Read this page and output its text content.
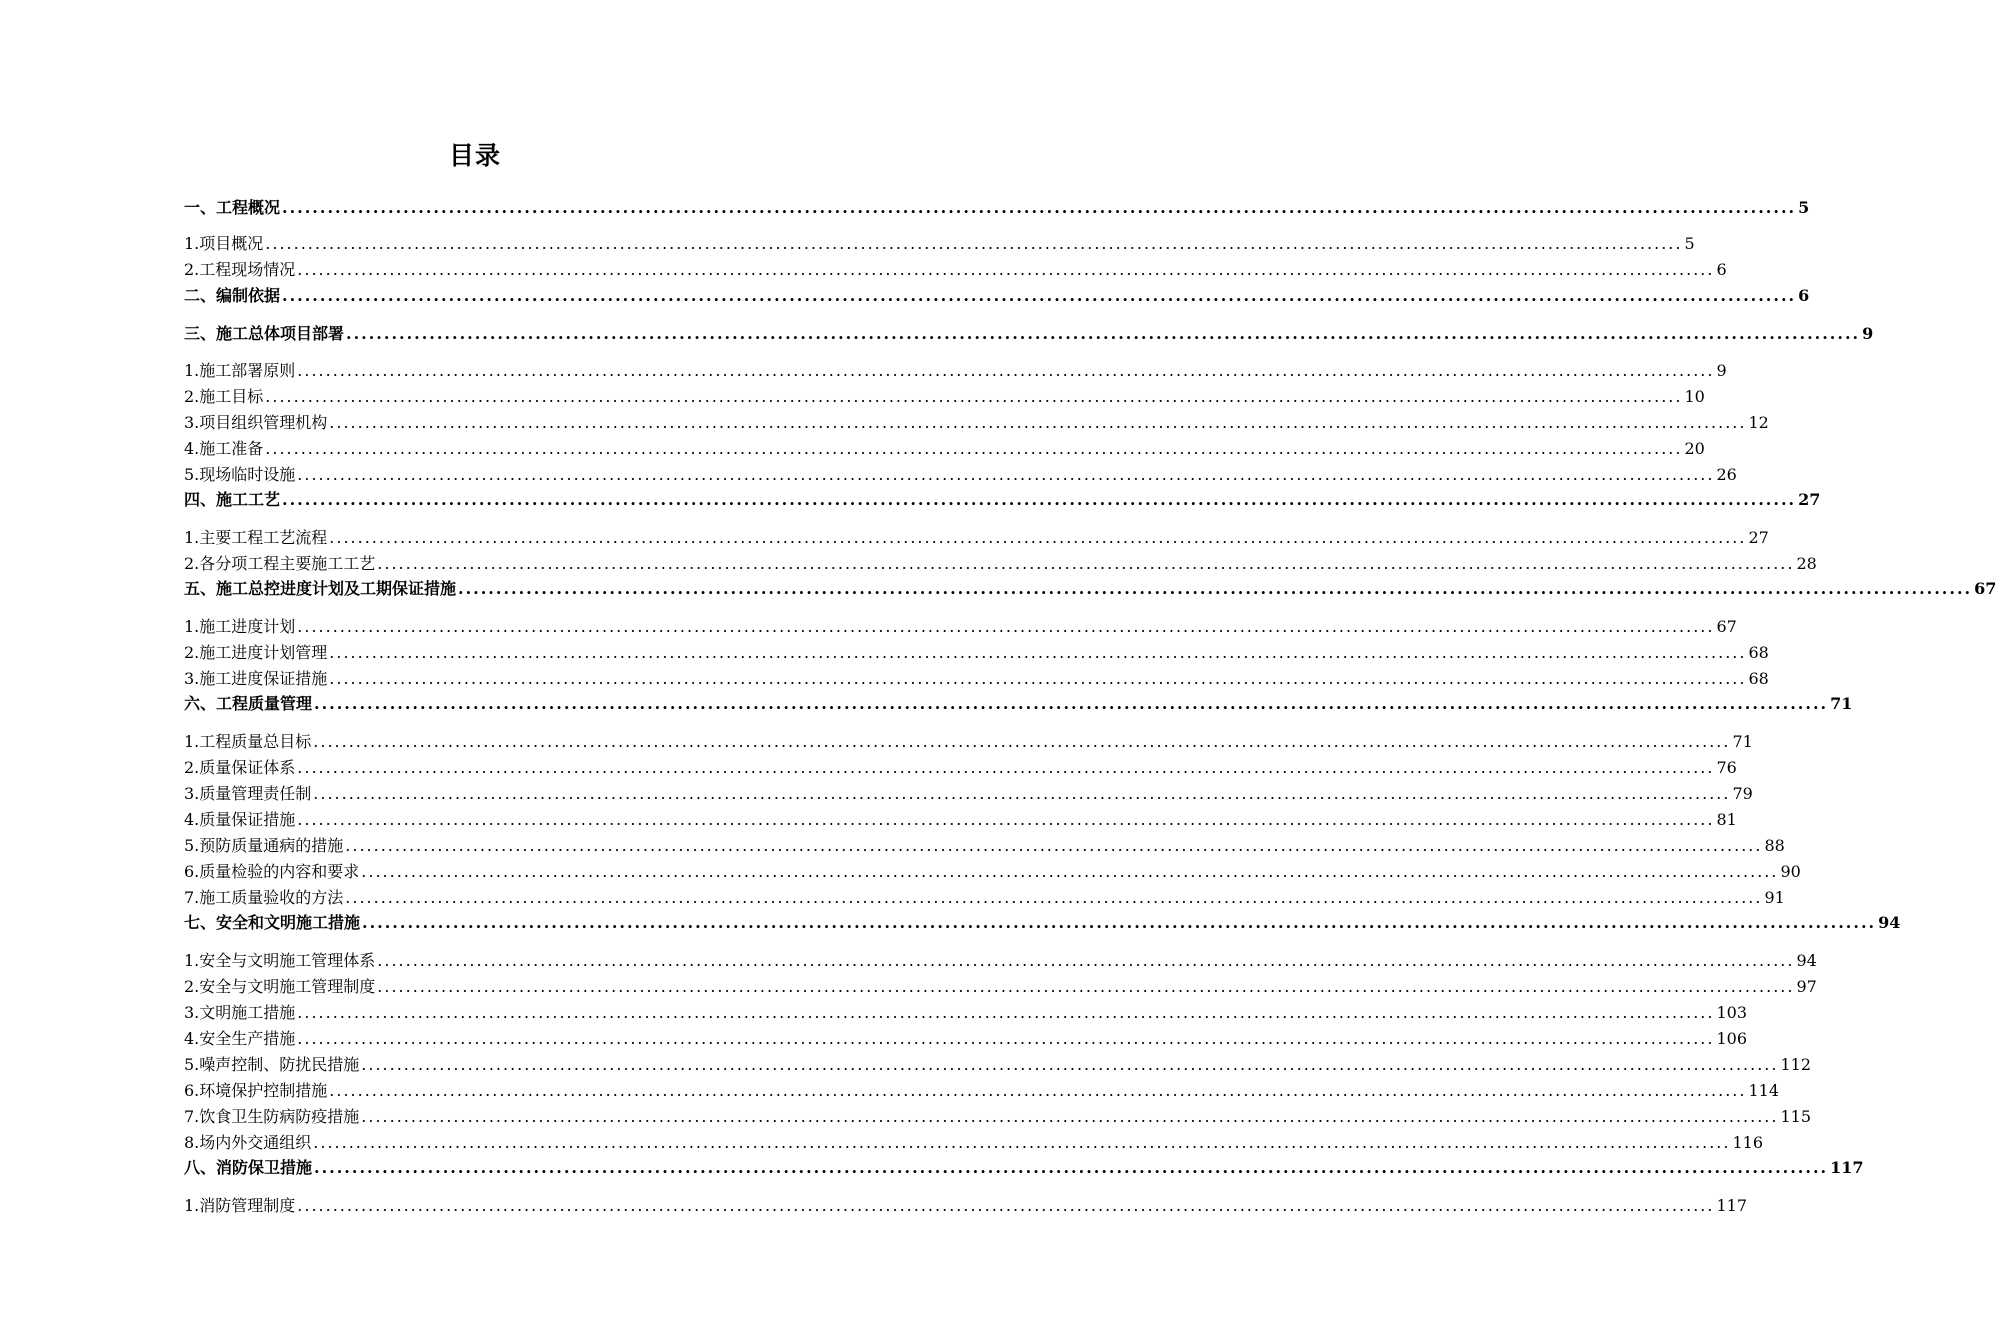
目录
一、工程概况 ........................................................................................................................................................................................................ 5
1.项目概况 ........................................................................................................................................................................................................ 5
2.工程现场情况 ........................................................................................................................................................................................................ 6
二、编制依据 ........................................................................................................................................................................................................ 6
三、施工总体项目部署 ........................................................................................................................................................................................................ 9
1.施工部署原则 ........................................................................................................................................................................................................ 9
2.施工目标 ........................................................................................................................................................................................................ 10
3.项目组织管理机构 ........................................................................................................................................................................................................ 12
4.施工准备 ........................................................................................................................................................................................................ 20
5.现场临时设施 ........................................................................................................................................................................................................ 26
四、施工工艺 ........................................................................................................................................................................................................ 27
1.主要工程工艺流程 ........................................................................................................................................................................................................ 27
2.各分项工程主要施工工艺 ........................................................................................................................................................................................................ 28
五、施工总控进度计划及工期保证措施 ........................................................................................................................................................................................................ 67
1.施工进度计划 ........................................................................................................................................................................................................ 67
2.施工进度计划管理 ........................................................................................................................................................................................................ 68
3.施工进度保证措施 ........................................................................................................................................................................................................ 68
六、工程质量管理 ........................................................................................................................................................................................................ 71
1.工程质量总目标 ........................................................................................................................................................................................................ 71
2.质量保证体系 ........................................................................................................................................................................................................ 76
3.质量管理责任制 ........................................................................................................................................................................................................ 79
4.质量保证措施 ........................................................................................................................................................................................................ 81
5.预防质量通病的措施 ........................................................................................................................................................................................................ 88
6.质量检验的内容和要求 ........................................................................................................................................................................................................ 90
7.施工质量验收的方法 ........................................................................................................................................................................................................ 91
七、安全和文明施工措施 ........................................................................................................................................................................................................ 94
1.安全与文明施工管理体系 ........................................................................................................................................................................................................ 94
2.安全与文明施工管理制度 ........................................................................................................................................................................................................ 97
3.文明施工措施 ........................................................................................................................................................................................................ 103
4.安全生产措施 ........................................................................................................................................................................................................ 106
5.噪声控制、防扰民措施 ........................................................................................................................................................................................................ 112
6.环境保护控制措施 ........................................................................................................................................................................................................ 114
7.饮食卫生防病防疫措施 ........................................................................................................................................................................................................ 115
8.场内外交通组织 ........................................................................................................................................................................................................ 116
八、消防保卫措施 ........................................................................................................................................................................................................ 117
1.消防管理制度 ........................................................................................................................................................................................................ 117
